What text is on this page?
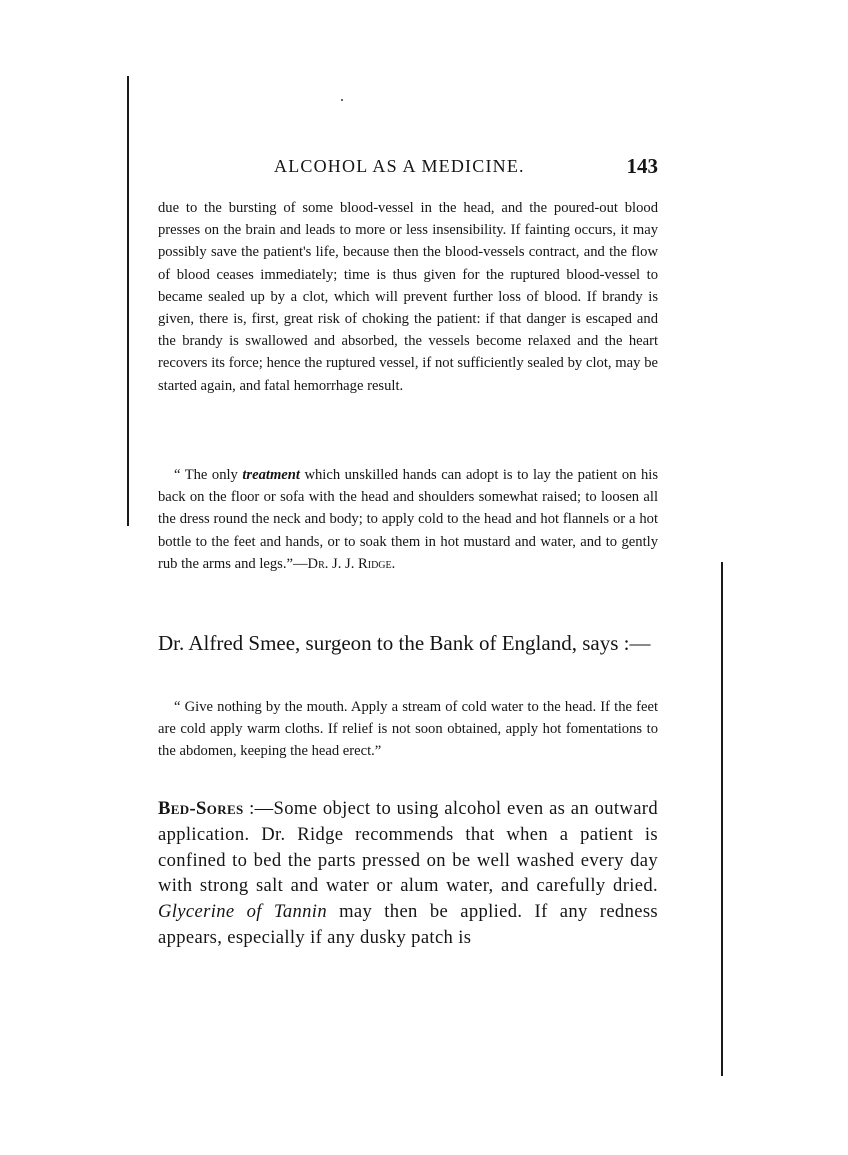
ALCOHOL AS A MEDICINE.	143

due to the bursting of some blood-vessel in the head, and the poured-out blood presses on the brain and leads to more or less insensibility. If fainting occurs, it may possibly save the patient's life, because then the blood-vessels contract, and the flow of blood ceases immediately; time is thus given for the ruptured blood-vessel to became sealed up by a clot, which will prevent further loss of blood. If brandy is given, there is, first, great risk of choking the patient: if that danger is escaped and the brandy is swallowed and absorbed, the vessels become relaxed and the heart recovers its force; hence the ruptured vessel, if not sufficiently sealed by clot, may be started again, and fatal hemorrhage result.

“ The only treatment which unskilled hands can adopt is to lay the patient on his back on the floor or sofa with the head and shoulders somewhat raised; to loosen all the dress round the neck and body; to apply cold to the head and hot flannels or a hot bottle to the feet and hands, or to soak them in hot mustard and water, and to gently rub the arms and legs.”—Dr. J. J. Ridge.

Dr. Alfred Smee, surgeon to the Bank of England, says :—

“ Give nothing by the mouth. Apply a stream of cold water to the head. If the feet are cold apply warm cloths. If relief is not soon obtained, apply hot fomentations to the abdomen, keeping the head erect.”

Bed-Sores :—Some object to using alcohol even as an outward application. Dr. Ridge recommends that when a patient is confined to bed the parts pressed on be well washed every day with strong salt and water or alum water, and carefully dried. Glycerine of Tannin may then be applied. If any redness appears, especially if any dusky patch is
